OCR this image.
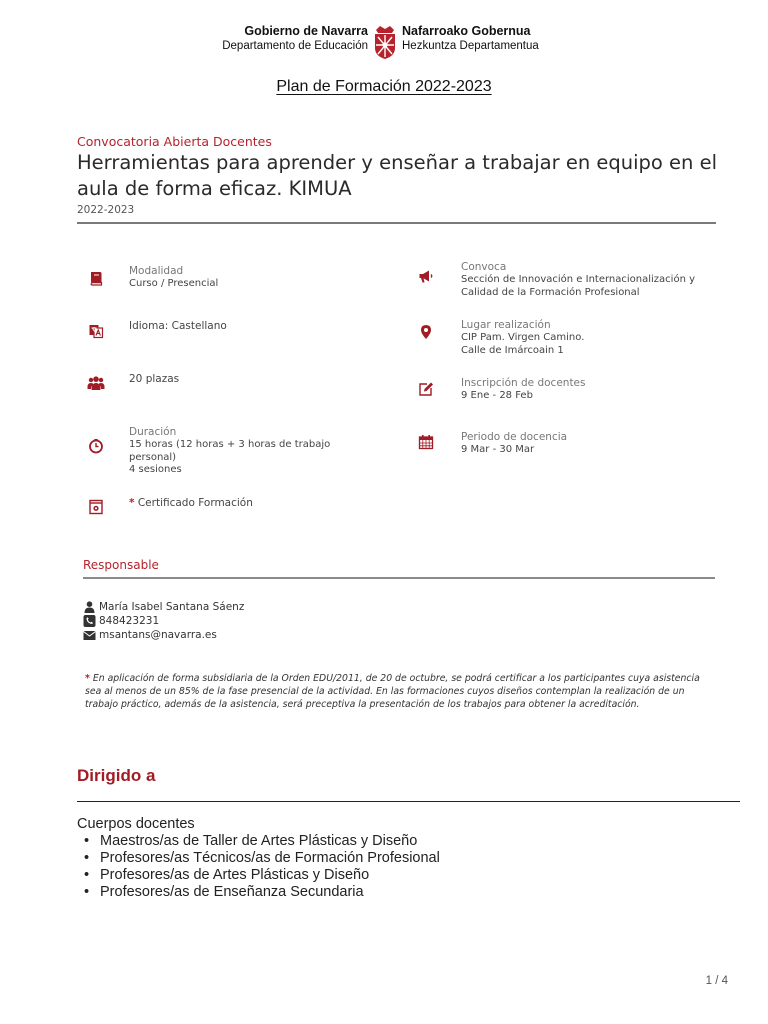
Gobierno de Navarra
Departamento de Educación
Nafarroako Gobernua
Hezkuntza Departamentua
Plan de Formación 2022-2023
Convocatoria Abierta Docentes
Herramientas para aprender y enseñar a trabajar en equipo en el aula de forma eficaz. KIMUA
2022-2023
Modalidad
Curso / Presencial
Idioma: Castellano
20 plazas
Duración
15 horas (12 horas + 3 horas de trabajo
personal)
4 sesiones
* Certificado Formación
Convoca
Sección de Innovación e Internacionalización y
Calidad de la Formación Profesional
Lugar realización
CIP Pam. Virgen Camino.
Calle de Imárcoain 1
Inscripción de docentes
9 Ene - 28 Feb
Periodo de docencia
9 Mar - 30 Mar
Responsable
María Isabel Santana Sáenz
848423231
msantans@navarra.es
* En aplicación de forma subsidiaria de la Orden EDU/2011, de 20 de octubre, se podrá certificar a los participantes cuya asistencia sea al menos de un 85% de la fase presencial de la actividad. En las formaciones cuyos diseños contemplan la realización de un trabajo práctico, además de la asistencia, será preceptiva la presentación de los trabajos para obtener la acreditación.
Dirigido a
Cuerpos docentes
• Maestros/as de Taller de Artes Plásticas y Diseño
• Profesores/as Técnicos/as de Formación Profesional
• Profesores/as de Artes Plásticas y Diseño
• Profesores/as de Enseñanza Secundaria
1 / 4
